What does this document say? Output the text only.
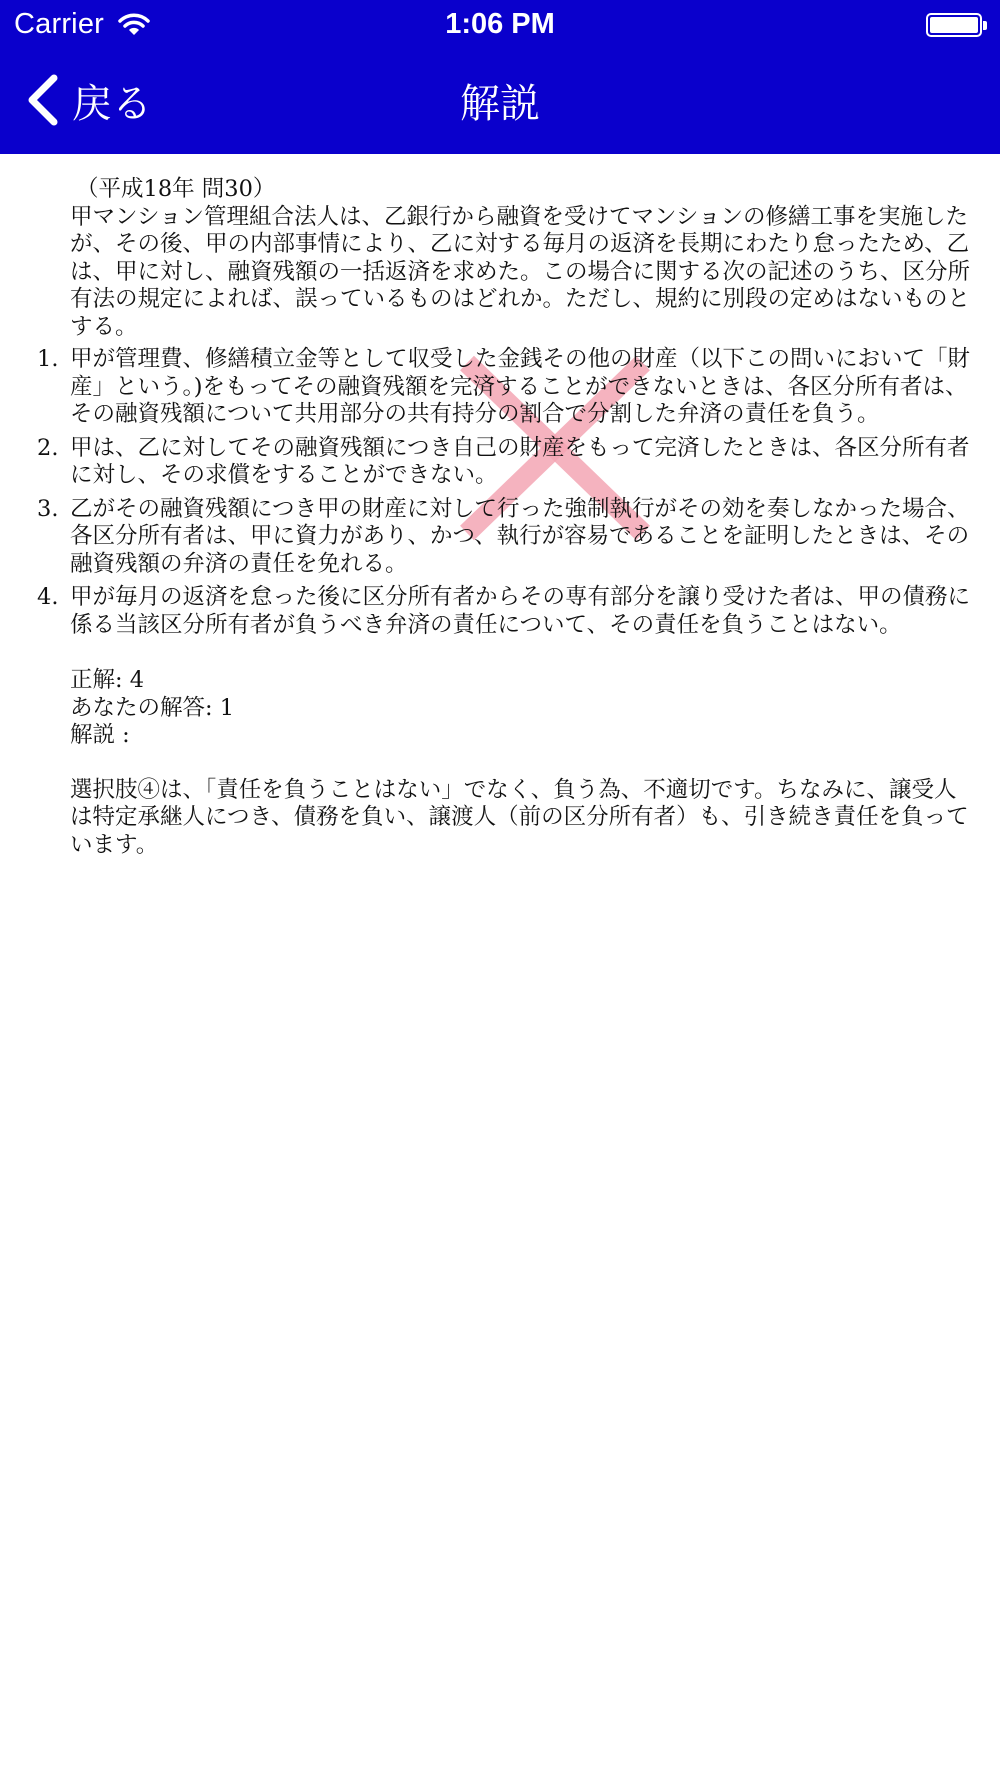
Carrier	1:06 PM
戻る	解説
（平成18年 問30）
甲マンション管理組合法人は、乙銀行から融資を受けてマンションの修繕工事を実施したが、その後、甲の内部事情により、乙に対する毎月の返済を長期にわたり怠ったため、乙は、甲に対し、融資残額の一括返済を求めた。この場合に関する次の記述のうち、区分所有法の規定によれば、誤っているものはどれか。ただし、規約に別段の定めはないものとする。
1. 甲が管理費、修繕積立金等として収受した金銭その他の財産（以下この問いにおいて「財産」という。)をもってその融資残額を完済することができないときは、各区分所有者は、その融資残額について共用部分の共有持分の割合で分割した弁済の責任を負う。
2. 甲は、乙に対してその融資残額につき自己の財産をもって完済したときは、各区分所有者に対し、その求償をすることができない。
3. 乙がその融資残額につき甲の財産に対して行った強制執行がその効を奏しなかった場合、各区分所有者は、甲に資力があり、かつ、執行が容易であることを証明したときは、その融資残額の弁済の責任を免れる。
4. 甲が毎月の返済を怠った後に区分所有者からその専有部分を譲り受けた者は、甲の債務に係る当該区分所有者が負うべき弁済の責任について、その責任を負うことはない。
正解: 4
あなたの解答: 1
解説 :
選択肢④は、「責任を負うことはない」でなく、負う為、不適切です。ちなみに、譲受人は特定承継人につき、債務を負い、譲渡人（前の区分所有者）も、引き続き責任を負っています。
